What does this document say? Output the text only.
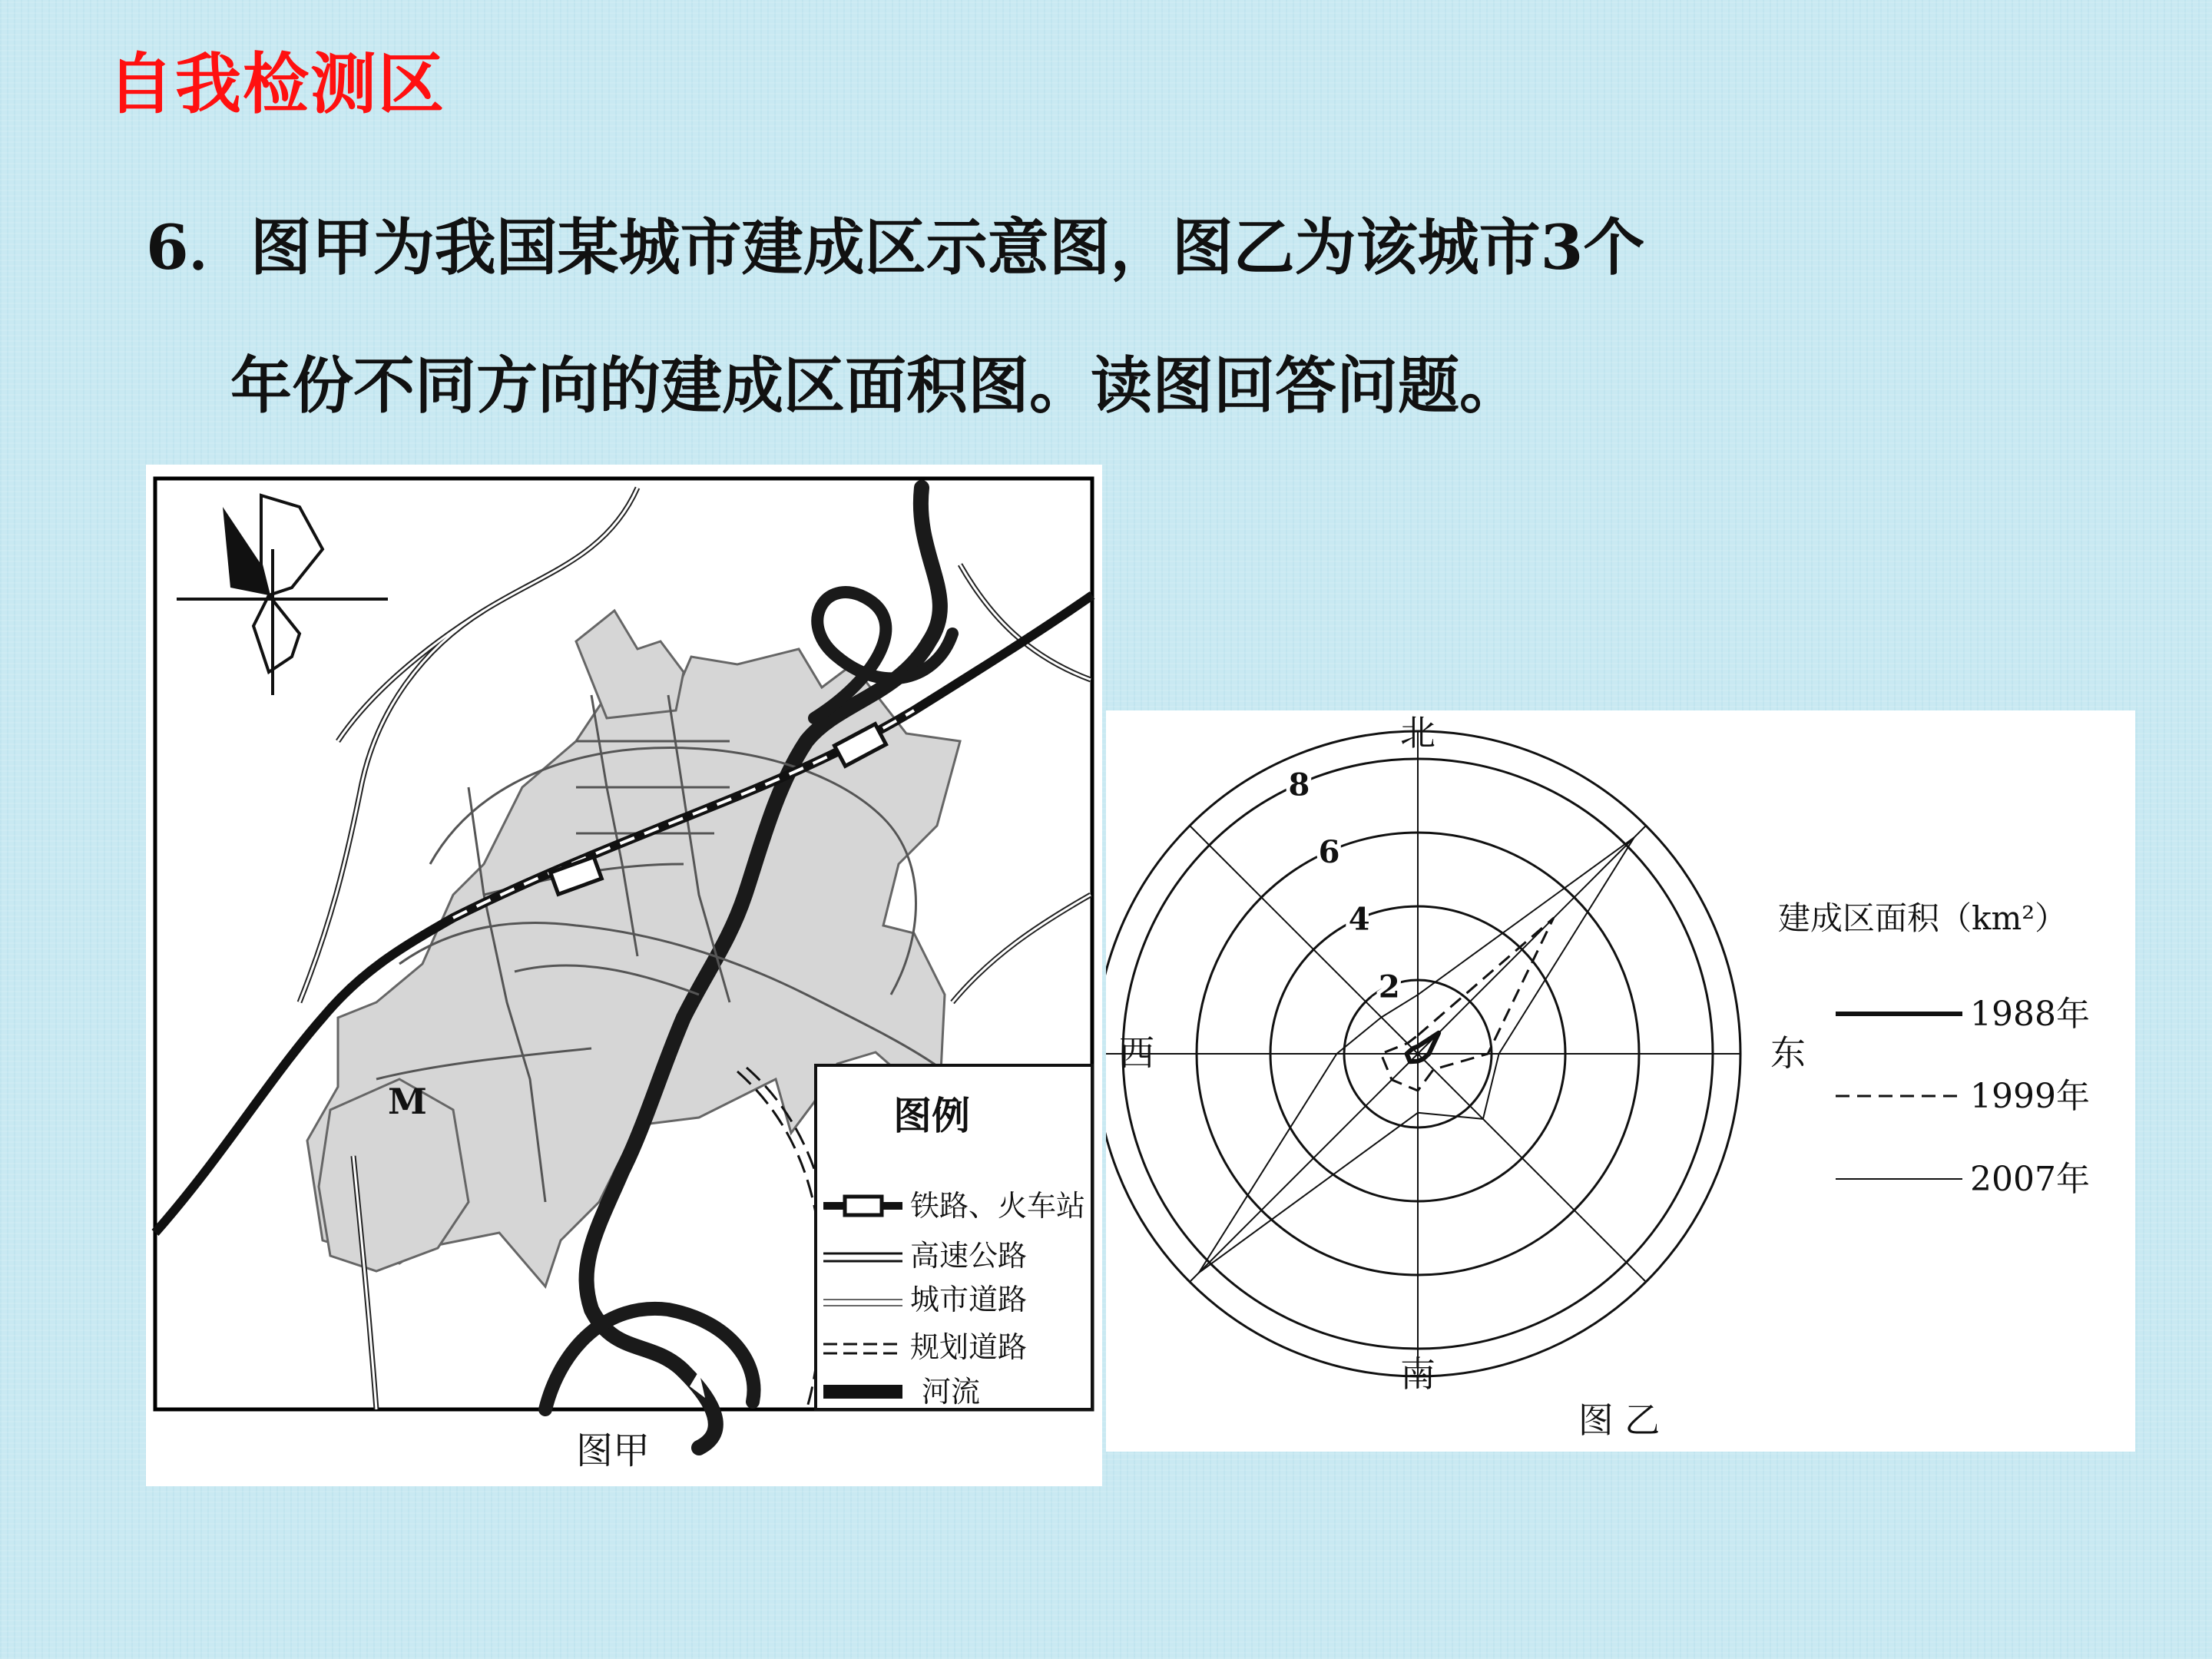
自我检测区
6．图甲为我国某城市建成区示意图，图乙为该城市3个
年份不同方向的建成区面积图。读图回答问题。
M	图例
铁路、火车站
高速公路
城市道路
规划道路
河流
图甲
2
4
6
8
北
南
西	东
建成区面积（km²）
1988年
1999年
2007年
图 乙
